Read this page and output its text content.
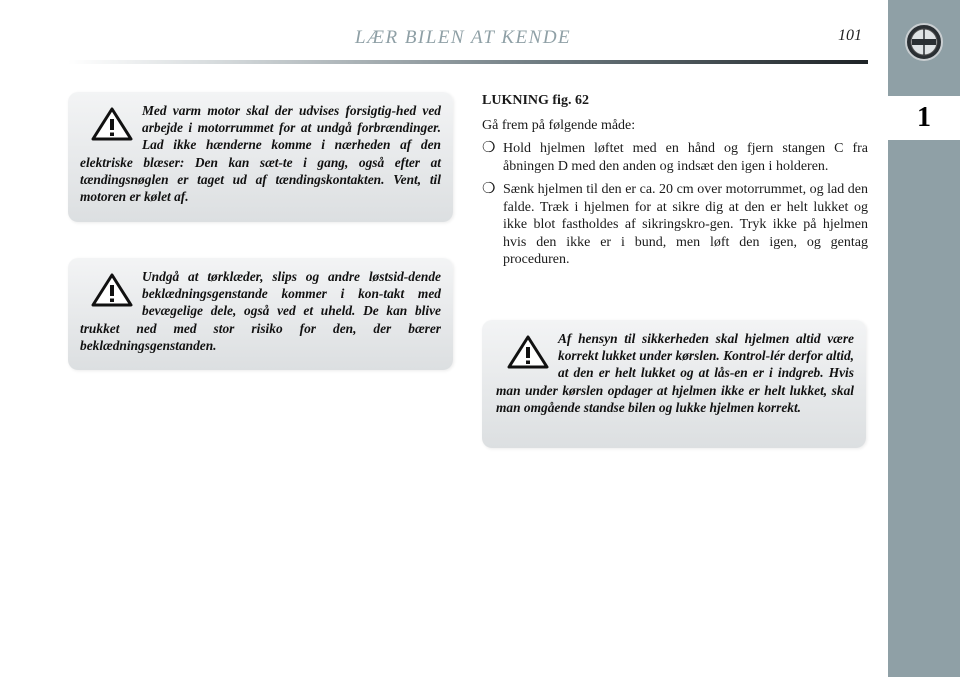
1
LÆR BILEN AT KENDE	101

Med varm motor skal der udvises forsigtig-hed ved arbejde i motorrummet for at undgå forbrændinger. Lad ikke hænderne komme i nærheden af den elektriske blæser: Den kan sæt-te i gang, også efter at tændingsnøglen er taget ud af tændingskontakten. Vent, til motoren er kølet af.

Undgå at tørklæder, slips og andre løstsid-dende beklædningsgenstande kommer i kon-takt med bevægelige dele, også ved et uheld. De kan blive trukket ned med stor risiko for den, der bærer beklædningsgenstanden.

LUKNING fig. 62
Gå frem på følgende måde:
❍ Hold hjelmen løftet med en hånd og fjern stangen C fra åbningen D med den anden og indsæt den igen i holderen.
❍ Sænk hjelmen til den er ca. 20 cm over motorrummet, og lad den falde. Træk i hjelmen for at sikre dig at den er helt lukket og ikke blot fastholdes af sikringskro-gen. Tryk ikke på hjelmen hvis den ikke er i bund, men løft den igen, og gentag proceduren.

Af hensyn til sikkerheden skal hjelmen altid være korrekt lukket under kørslen. Kontrol-lér derfor altid, at den er helt lukket og at lås-en er i indgreb. Hvis man under kørslen opdager at hjelmen ikke er helt lukket, skal man omgående standse bilen og lukke hjelmen korrekt.
